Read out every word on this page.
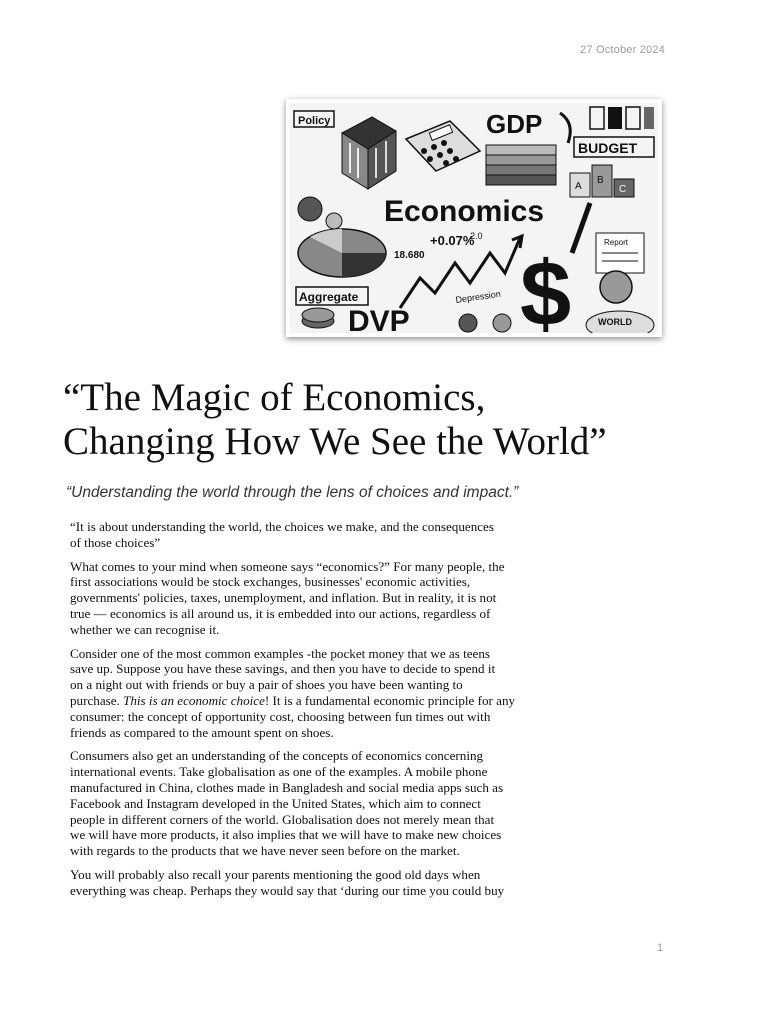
27 October 2024
Policy	GDP
BUDGET
A
B
C
Economics
18.680
+0.07%
2.0
$
Report
Aggregate
DVP
Depression
WORLD
“The Magic of Economics,
Changing How We See the World”

“Understanding the world through the lens of choices and impact.”

“It is about understanding the world, the choices we make, and the consequences
of those choices”

What comes to your mind when someone says “economics?” For many people, the
first associations would be stock exchanges, businesses' economic activities,
governments' policies, taxes, unemployment, and inflation. But in reality, it is not
true — economics is all around us, it is embedded into our actions, regardless of
whether we can recognise it.

Consider one of the most common examples -the pocket money that we as teens
save up. Suppose you have these savings, and then you have to decide to spend it
on a night out with friends or buy a pair of shoes you have been wanting to
purchase. This is an economic choice! It is a fundamental economic principle for any
consumer: the concept of opportunity cost, choosing between fun times out with
friends as compared to the amount spent on shoes.

Consumers also get an understanding of the concepts of economics concerning
international events. Take globalisation as one of the examples. A mobile phone
manufactured in China, clothes made in Bangladesh and social media apps such as
Facebook and Instagram developed in the United States, which aim to connect
people in different corners of the world. Globalisation does not merely mean that
we will have more products, it also implies that we will have to make new choices
with regards to the products that we have never seen before on the market.

You will probably also recall your parents mentioning the good old days when
everything was cheap. Perhaps they would say that ‘during our time you could buy

1
